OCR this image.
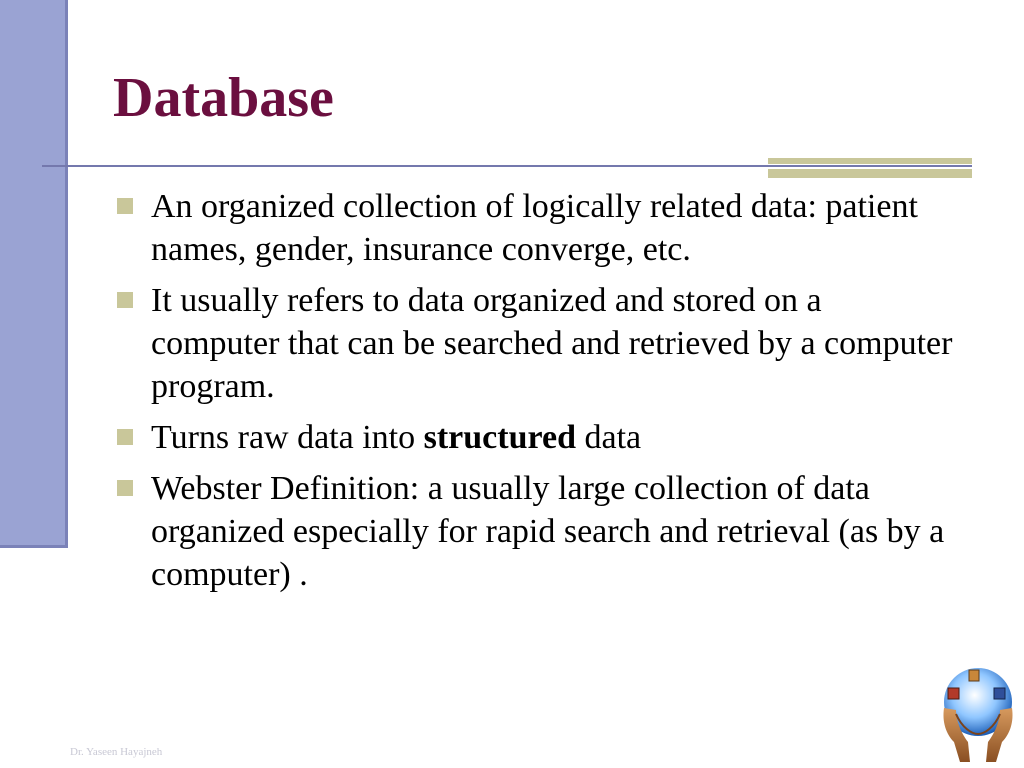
Database
An organized collection of logically related data: patient names, gender, insurance converge, etc.
It usually refers to data organized and stored on a computer that can be searched and retrieved by a computer program.
Turns raw data into structured data
Webster Definition: a usually large collection of data organized especially for rapid search and retrieval (as by a computer) .
Dr. Yaseen Hayajneh
